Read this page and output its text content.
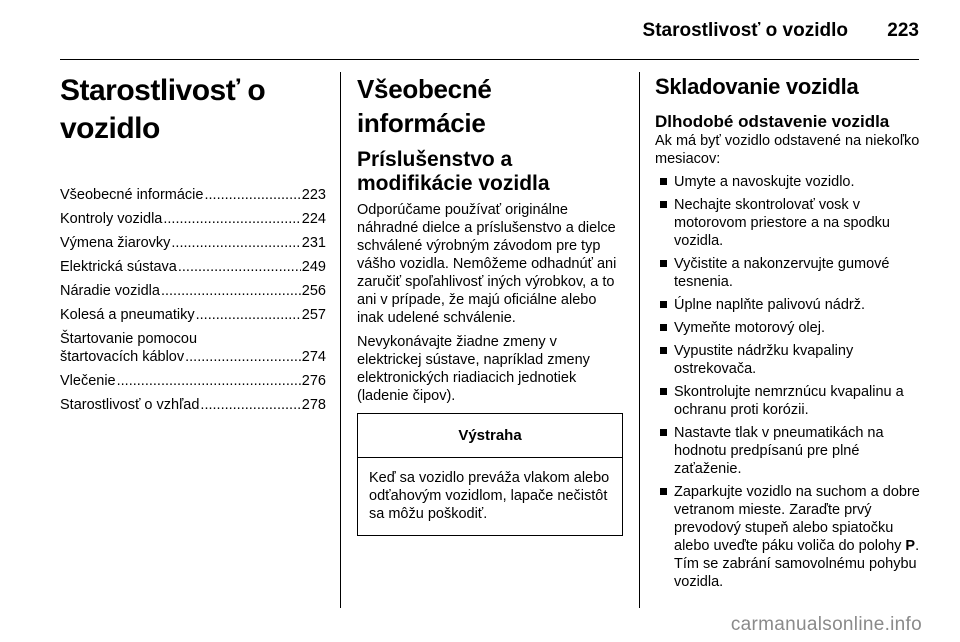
Starostlivosť o vozidlo 223
Starostlivosť o vozidlo
Všeobecné informácie .....	223
Kontroly vozidla .....	224
Výmena žiarovky .....	231
Elektrická sústava .....	249
Náradie vozidla .....	256
Kolesá a pneumatiky .....	257
Štartovanie pomocou
štartovacích káblov .....	274
Vlečenie .....	276
Starostlivosť o vzhľad .....	278
Všeobecné informácie
Príslušenstvo a modifikácie vozidla

Odporúčame používať originálne náhradné dielce a príslušenstvo a dielce schválené výrobným závodom pre typ vášho vozidla. Nemôžeme odhadnúť ani zaručiť spoľahlivosť iných výrobkov, a to ani v prípade, že majú oficiálne alebo inak udelené schválenie.

Nevykonávajte žiadne zmeny v elektrickej sústave, napríklad zmeny elektronických riadiacich jednotiek (ladenie čipov).

Výstraha
Keď sa vozidlo preváža vlakom alebo odťahovým vozidlom, lapače nečistôt sa môžu poškodiť.
Skladovanie vozidla
Dlhodobé odstavenie vozidla

Ak má byť vozidlo odstavené na niekoľko mesiacov:

Umyte a navoskujte vozidlo.
Nechajte skontrolovať vosk v motorovom priestore a na spodku vozidla.
Vyčistite a nakonzervujte gumové tesnenia.
Úplne naplňte palivovú nádrž.
Vymeňte motorový olej.
Vypustite nádržku kvapaliny ostrekovača.
Skontrolujte nemrznúcu kvapalinu a ochranu proti korózii.
Nastavte tlak v pneumatikách na hodnotu predpísanú pre plné zaťaženie.
Zaparkujte vozidlo na suchom a dobre vetranom mieste. Zaraďte prvý prevodový stupeň alebo spiatočku alebo uveďte páku voliča do polohy P. Tím se zabrání samovolnému pohybu vozidla.
carmanualsonline.info
